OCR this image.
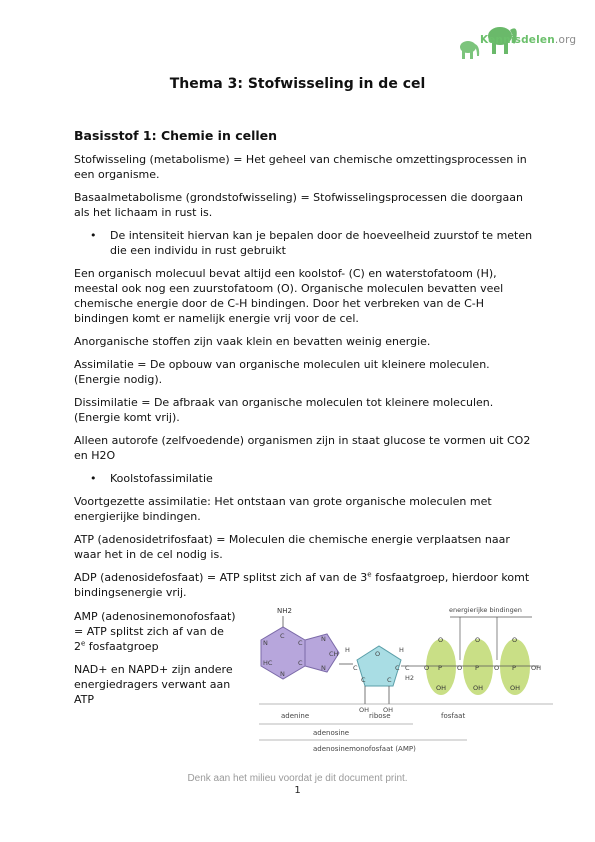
Kennisdelen.org
Thema 3: Stofwisseling in de cel
Basisstof 1: Chemie in cellen
Stofwisseling (metabolisme) = Het geheel van chemische omzettingsprocessen in een organisme.
Basaalmetabolisme (grondstofwisseling) = Stofwisselingsprocessen die doorgaan als het lichaam in rust is.
• De intensiteit hiervan kan je bepalen door de hoeveelheid zuurstof te meten die een individu in rust gebruikt
Een organisch molecuul bevat altijd een koolstof- (C) en waterstofatoom (H), meestal ook nog een zuurstofatoom (O). Organische moleculen bevatten veel chemische energie door de C-H bindingen. Door het verbreken van de C-H bindingen komt er namelijk energie vrij voor de cel.
Anorganische stoffen zijn vaak klein en bevatten weinig energie.
Assimilatie = De opbouw van organische moleculen uit kleinere moleculen. (Energie nodig).
Dissimilatie = De afbraak van organische moleculen tot kleinere moleculen. (Energie komt vrij).
Alleen autorofe (zelfvoedende) organismen zijn in staat glucose te vormen uit CO2 en H2O
• Koolstofassimilatie
Voortgezette assimilatie: Het ontstaan van grote organische moleculen met energierijke bindingen.
ATP (adenosidetrifosfaat) = Moleculen die chemische energie verplaatsen naar waar het in de cel nodig is.
ADP (adenosidefosfaat) = ATP splitst zich af van de 3e fosfaatgroep, hierdoor komt bindingsenergie vrij.
AMP (adenosinemonofosfaat) = ATP splitst zich af van de 2e fosfaatgroep
NAD+ en NAPD+ zijn andere energiedragers verwant aan ATP
NH2
C
N	C
HC	C
N
N
CH
N
O
C	C
C	C
H	H
OH OH
C
H2
O P O P O P OH
O	O	O
OH	OH	OH
energierijke bindingen
adenine	ribose	fosfaat
adenosine
adenosinemonofosfaat (AMP)
Denk aan het milieu voordat je dit document print.
1
